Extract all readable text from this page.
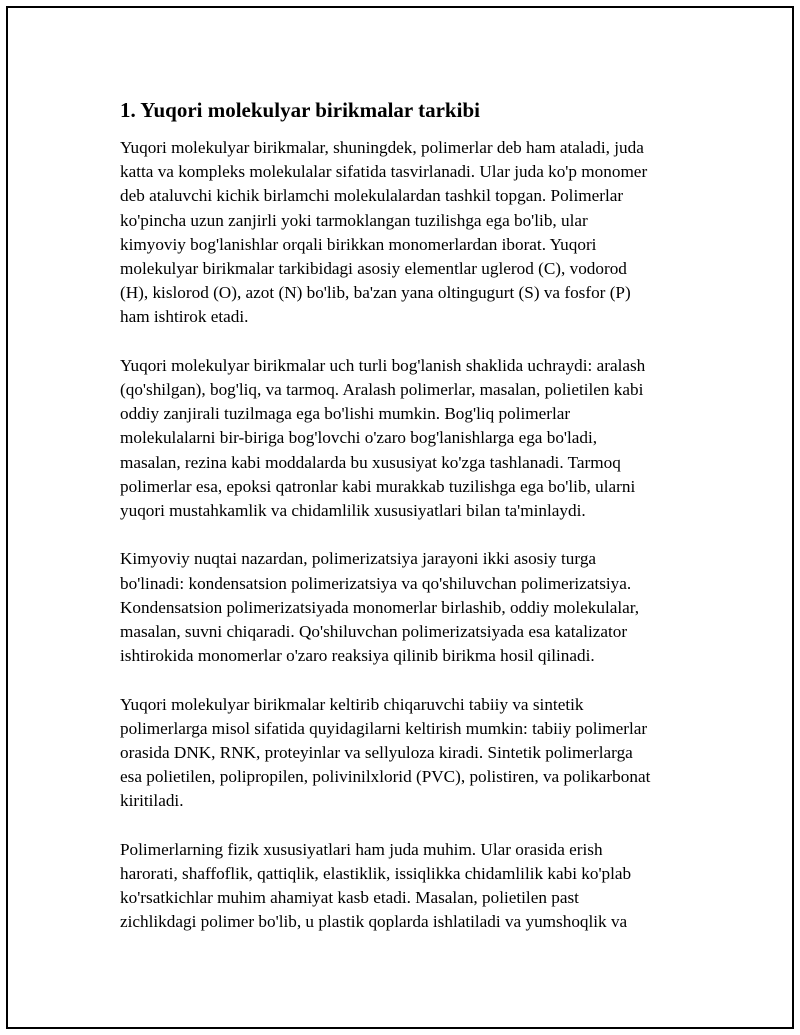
1. Yuqori molekulyar birikmalar tarkibi
Yuqori molekulyar birikmalar, shuningdek, polimerlar deb ham ataladi, juda
katta va kompleks molekulalar sifatida tasvirlanadi. Ular juda ko'p monomer
deb ataluvchi kichik birlamchi molekulalardan tashkil topgan. Polimerlar
ko'pincha uzun zanjirli yoki tarmoklangan tuzilishga ega bo'lib, ular
kimyoviy bog'lanishlar orqali birikkan monomerlardan iborat. Yuqori
molekulyar birikmalar tarkibidagi asosiy elementlar uglerod (C), vodorod
(H), kislorod (O), azot (N) bo'lib, ba'zan yana oltingugurt (S) va fosfor (P)
ham ishtirok etadi.
Yuqori molekulyar birikmalar uch turli bog'lanish shaklida uchraydi: aralash
(qo'shilgan), bog'liq, va tarmoq. Aralash polimerlar, masalan, polietilen kabi
oddiy zanjirali tuzilmaga ega bo'lishi mumkin. Bog'liq polimerlar
molekulalarni bir-biriga bog'lovchi o'zaro bog'lanishlarga ega bo'ladi,
masalan, rezina kabi moddalarda bu xususiyat ko'zga tashlanadi. Tarmoq
polimerlar esa, epoksi qatronlar kabi murakkab tuzilishga ega bo'lib, ularni
yuqori mustahkamlik va chidamlilik xususiyatlari bilan ta'minlaydi.
Kimyoviy nuqtai nazardan, polimerizatsiya jarayoni ikki asosiy turga
bo'linadi: kondensatsion polimerizatsiya va qo'shiluvchan polimerizatsiya.
Kondensatsion polimerizatsiyada monomerlar birlashib, oddiy molekulalar,
masalan, suvni chiqaradi. Qo'shiluvchan polimerizatsiyada esa katalizator
ishtirokida monomerlar o'zaro reaksiya qilinib birikma hosil qilinadi.
Yuqori molekulyar birikmalar keltirib chiqaruvchi tabiiy va sintetik
polimerlarga misol sifatida quyidagilarni keltirish mumkin: tabiiy polimerlar
orasida DNK, RNK, proteyinlar va sellyuloza kiradi. Sintetik polimerlarga
esa polietilen, polipropilen, polivinilxlorid (PVC), polistiren, va polikarbonat
kiritiladi.
Polimerlarning fizik xususiyatlari ham juda muhim. Ular orasida erish
harorati, shaffoflik, qattiqlik, elastiklik, issiqlikka chidamlilik kabi ko'plab
ko'rsatkichlar muhim ahamiyat kasb etadi. Masalan, polietilen past
zichlikdagi polimer bo'lib, u plastik qoplarda ishlatiladi va yumshoqlik va
